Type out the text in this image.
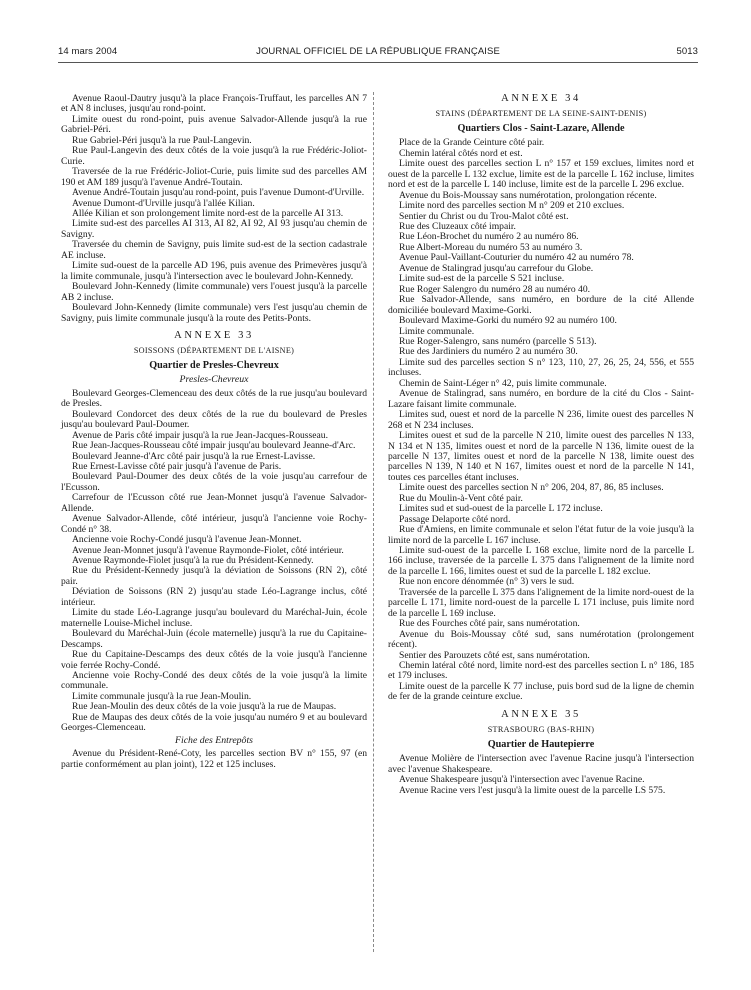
14 mars 2004	JOURNAL OFFICIEL DE LA RÉPUBLIQUE FRANÇAISE	5013

Avenue Raoul-Dautry jusqu'à la place François-Truffaut, les parcelles AN 7 et AN 8 incluses, jusqu'au rond-point.

Limite ouest du rond-point, puis avenue Salvador-Allende jusqu'à la rue Gabriel-Péri.

Rue Gabriel-Péri jusqu'à la rue Paul-Langevin.

Rue Paul-Langevin des deux côtés de la voie jusqu'à la rue Frédéric-Joliot-Curie.

Traversée de la rue Frédéric-Joliot-Curie, puis limite sud des parcelles AM 190 et AM 189 jusqu'à l'avenue André-Toutain.

Avenue André-Toutain jusqu'au rond-point, puis l'avenue Dumont-d'Urville.

Avenue Dumont-d'Urville jusqu'à l'allée Kilian.

Allée Kilian et son prolongement limite nord-est de la parcelle AI 313.

Limite sud-est des parcelles AI 313, AI 82, AI 92, AI 93 jusqu'au chemin de Savigny.

Traversée du chemin de Savigny, puis limite sud-est de la section cadastrale AE incluse.

Limite sud-ouest de la parcelle AD 196, puis avenue des Primevères jusqu'à la limite communale, jusqu'à l'intersection avec le boulevard John-Kennedy.

Boulevard John-Kennedy (limite communale) vers l'ouest jusqu'à la parcelle AB 2 incluse.

Boulevard John-Kennedy (limite communale) vers l'est jusqu'au chemin de Savigny, puis limite communale jusqu'à la route des Petits-Ponts.

ANNEXE 33
SOISSONS (DÉPARTEMENT DE L'AISNE)
Quartier de Presles-Chevreux
Presles-Chevreux

Boulevard Georges-Clemenceau des deux côtés de la rue jusqu'au boulevard de Presles.

Boulevard Condorcet des deux côtés de la rue du boulevard de Presles jusqu'au boulevard Paul-Doumer.

Avenue de Paris côté impair jusqu'à la rue Jean-Jacques-Rousseau.

Rue Jean-Jacques-Rousseau côté impair jusqu'au boulevard Jeanne-d'Arc.

Boulevard Jeanne-d'Arc côté pair jusqu'à la rue Ernest-Lavisse.

Rue Ernest-Lavisse côté pair jusqu'à l'avenue de Paris.

Boulevard Paul-Doumer des deux côtés de la voie jusqu'au carrefour de l'Ecusson.

Carrefour de l'Ecusson côté rue Jean-Monnet jusqu'à l'avenue Salvador-Allende.

Avenue Salvador-Allende, côté intérieur, jusqu'à l'ancienne voie Rochy-Condé n° 38.

Ancienne voie Rochy-Condé jusqu'à l'avenue Jean-Monnet.

Avenue Jean-Monnet jusqu'à l'avenue Raymonde-Fiolet, côté intérieur.

Avenue Raymonde-Fiolet jusqu'à la rue du Président-Kennedy.

Rue du Président-Kennedy jusqu'à la déviation de Soissons (RN 2), côté pair.

Déviation de Soissons (RN 2) jusqu'au stade Léo-Lagrange inclus, côté intérieur.

Limite du stade Léo-Lagrange jusqu'au boulevard du Maréchal-Juin, école maternelle Louise-Michel incluse.

Boulevard du Maréchal-Juin (école maternelle) jusqu'à la rue du Capitaine-Descamps.

Rue du Capitaine-Descamps des deux côtés de la voie jusqu'à l'ancienne voie ferrée Rochy-Condé.

Ancienne voie Rochy-Condé des deux côtés de la voie jusqu'à la limite communale.

Limite communale jusqu'à la rue Jean-Moulin.

Rue Jean-Moulin des deux côtés de la voie jusqu'à la rue de Maupas.

Rue de Maupas des deux côtés de la voie jusqu'au numéro 9 et au boulevard Georges-Clemenceau.

Fiche des Entrepôts

Avenue du Président-René-Coty, les parcelles section BV n° 155, 97 (en partie conformément au plan joint), 122 et 125 incluses.

ANNEXE 34
STAINS (DÉPARTEMENT DE LA SEINE-SAINT-DENIS)
Quartiers Clos - Saint-Lazare, Allende

Place de la Grande Ceinture côté pair.

Chemin latéral côtés nord et est.

Limite ouest des parcelles section L n° 157 et 159 exclues, limites nord et ouest de la parcelle L 132 exclue, limite est de la parcelle L 162 incluse, limites nord et est de la parcelle L 140 incluse, limite est de la parcelle L 296 exclue.

Avenue du Bois-Moussay sans numérotation, prolongation récente.

Limite nord des parcelles section M n° 209 et 210 exclues.

Sentier du Christ ou du Trou-Malot côté est.

Rue des Cluzeaux côté impair.

Rue Léon-Brochet du numéro 2 au numéro 86.

Rue Albert-Moreau du numéro 53 au numéro 3.

Avenue Paul-Vaillant-Couturier du numéro 42 au numéro 78.

Avenue de Stalingrad jusqu'au carrefour du Globe.

Limite sud-est de la parcelle S 521 incluse.

Rue Roger Salengro du numéro 28 au numéro 40.

Rue Salvador-Allende, sans numéro, en bordure de la cité Allende domiciliée boulevard Maxime-Gorki.

Boulevard Maxime-Gorki du numéro 92 au numéro 100.

Limite communale.

Rue Roger-Salengro, sans numéro (parcelle S 513).

Rue des Jardiniers du numéro 2 au numéro 30.

Limite sud des parcelles section S n° 123, 110, 27, 26, 25, 24, 556, et 555 incluses.

Chemin de Saint-Léger n° 42, puis limite communale.

Avenue de Stalingrad, sans numéro, en bordure de la cité du Clos - Saint-Lazare faisant limite communale.

Limites sud, ouest et nord de la parcelle N 236, limite ouest des parcelles N 268 et N 234 incluses.

Limites ouest et sud de la parcelle N 210, limite ouest des parcelles N 133, N 134 et N 135, limites ouest et nord de la parcelle N 136, limite ouest de la parcelle N 137, limites ouest et nord de la parcelle N 138, limite ouest des parcelles N 139, N 140 et N 167, limites ouest et nord de la parcelle N 141, toutes ces parcelles étant incluses.

Limite ouest des parcelles section N n° 206, 204, 87, 86, 85 incluses.

Rue du Moulin-à-Vent côté pair.

Limites sud et sud-ouest de la parcelle L 172 incluse.

Passage Delaporte côté nord.

Rue d'Amiens, en limite communale et selon l'état futur de la voie jusqu'à la limite nord de la parcelle L 167 incluse.

Limite sud-ouest de la parcelle L 168 exclue, limite nord de la parcelle L 166 incluse, traversée de la parcelle L 375 dans l'alignement de la limite nord de la parcelle L 166, limites ouest et sud de la parcelle L 182 exclue.

Rue non encore dénommée (n° 3) vers le sud.

Traversée de la parcelle L 375 dans l'alignement de la limite nord-ouest de la parcelle L 171, limite nord-ouest de la parcelle L 171 incluse, puis limite nord de la parcelle L 169 incluse.

Rue des Fourches côté pair, sans numérotation.

Avenue du Bois-Moussay côté sud, sans numérotation (prolongement récent).

Sentier des Parouzets côté est, sans numérotation.

Chemin latéral côté nord, limite nord-est des parcelles section L n° 186, 185 et 179 incluses.

Limite ouest de la parcelle K 77 incluse, puis bord sud de la ligne de chemin de fer de la grande ceinture exclue.

ANNEXE 35
STRASBOURG (BAS-RHIN)
Quartier de Hautepierre

Avenue Molière de l'intersection avec l'avenue Racine jusqu'à l'intersection avec l'avenue Shakespeare.

Avenue Shakespeare jusqu'à l'intersection avec l'avenue Racine.

Avenue Racine vers l'est jusqu'à la limite ouest de la parcelle LS 575.
